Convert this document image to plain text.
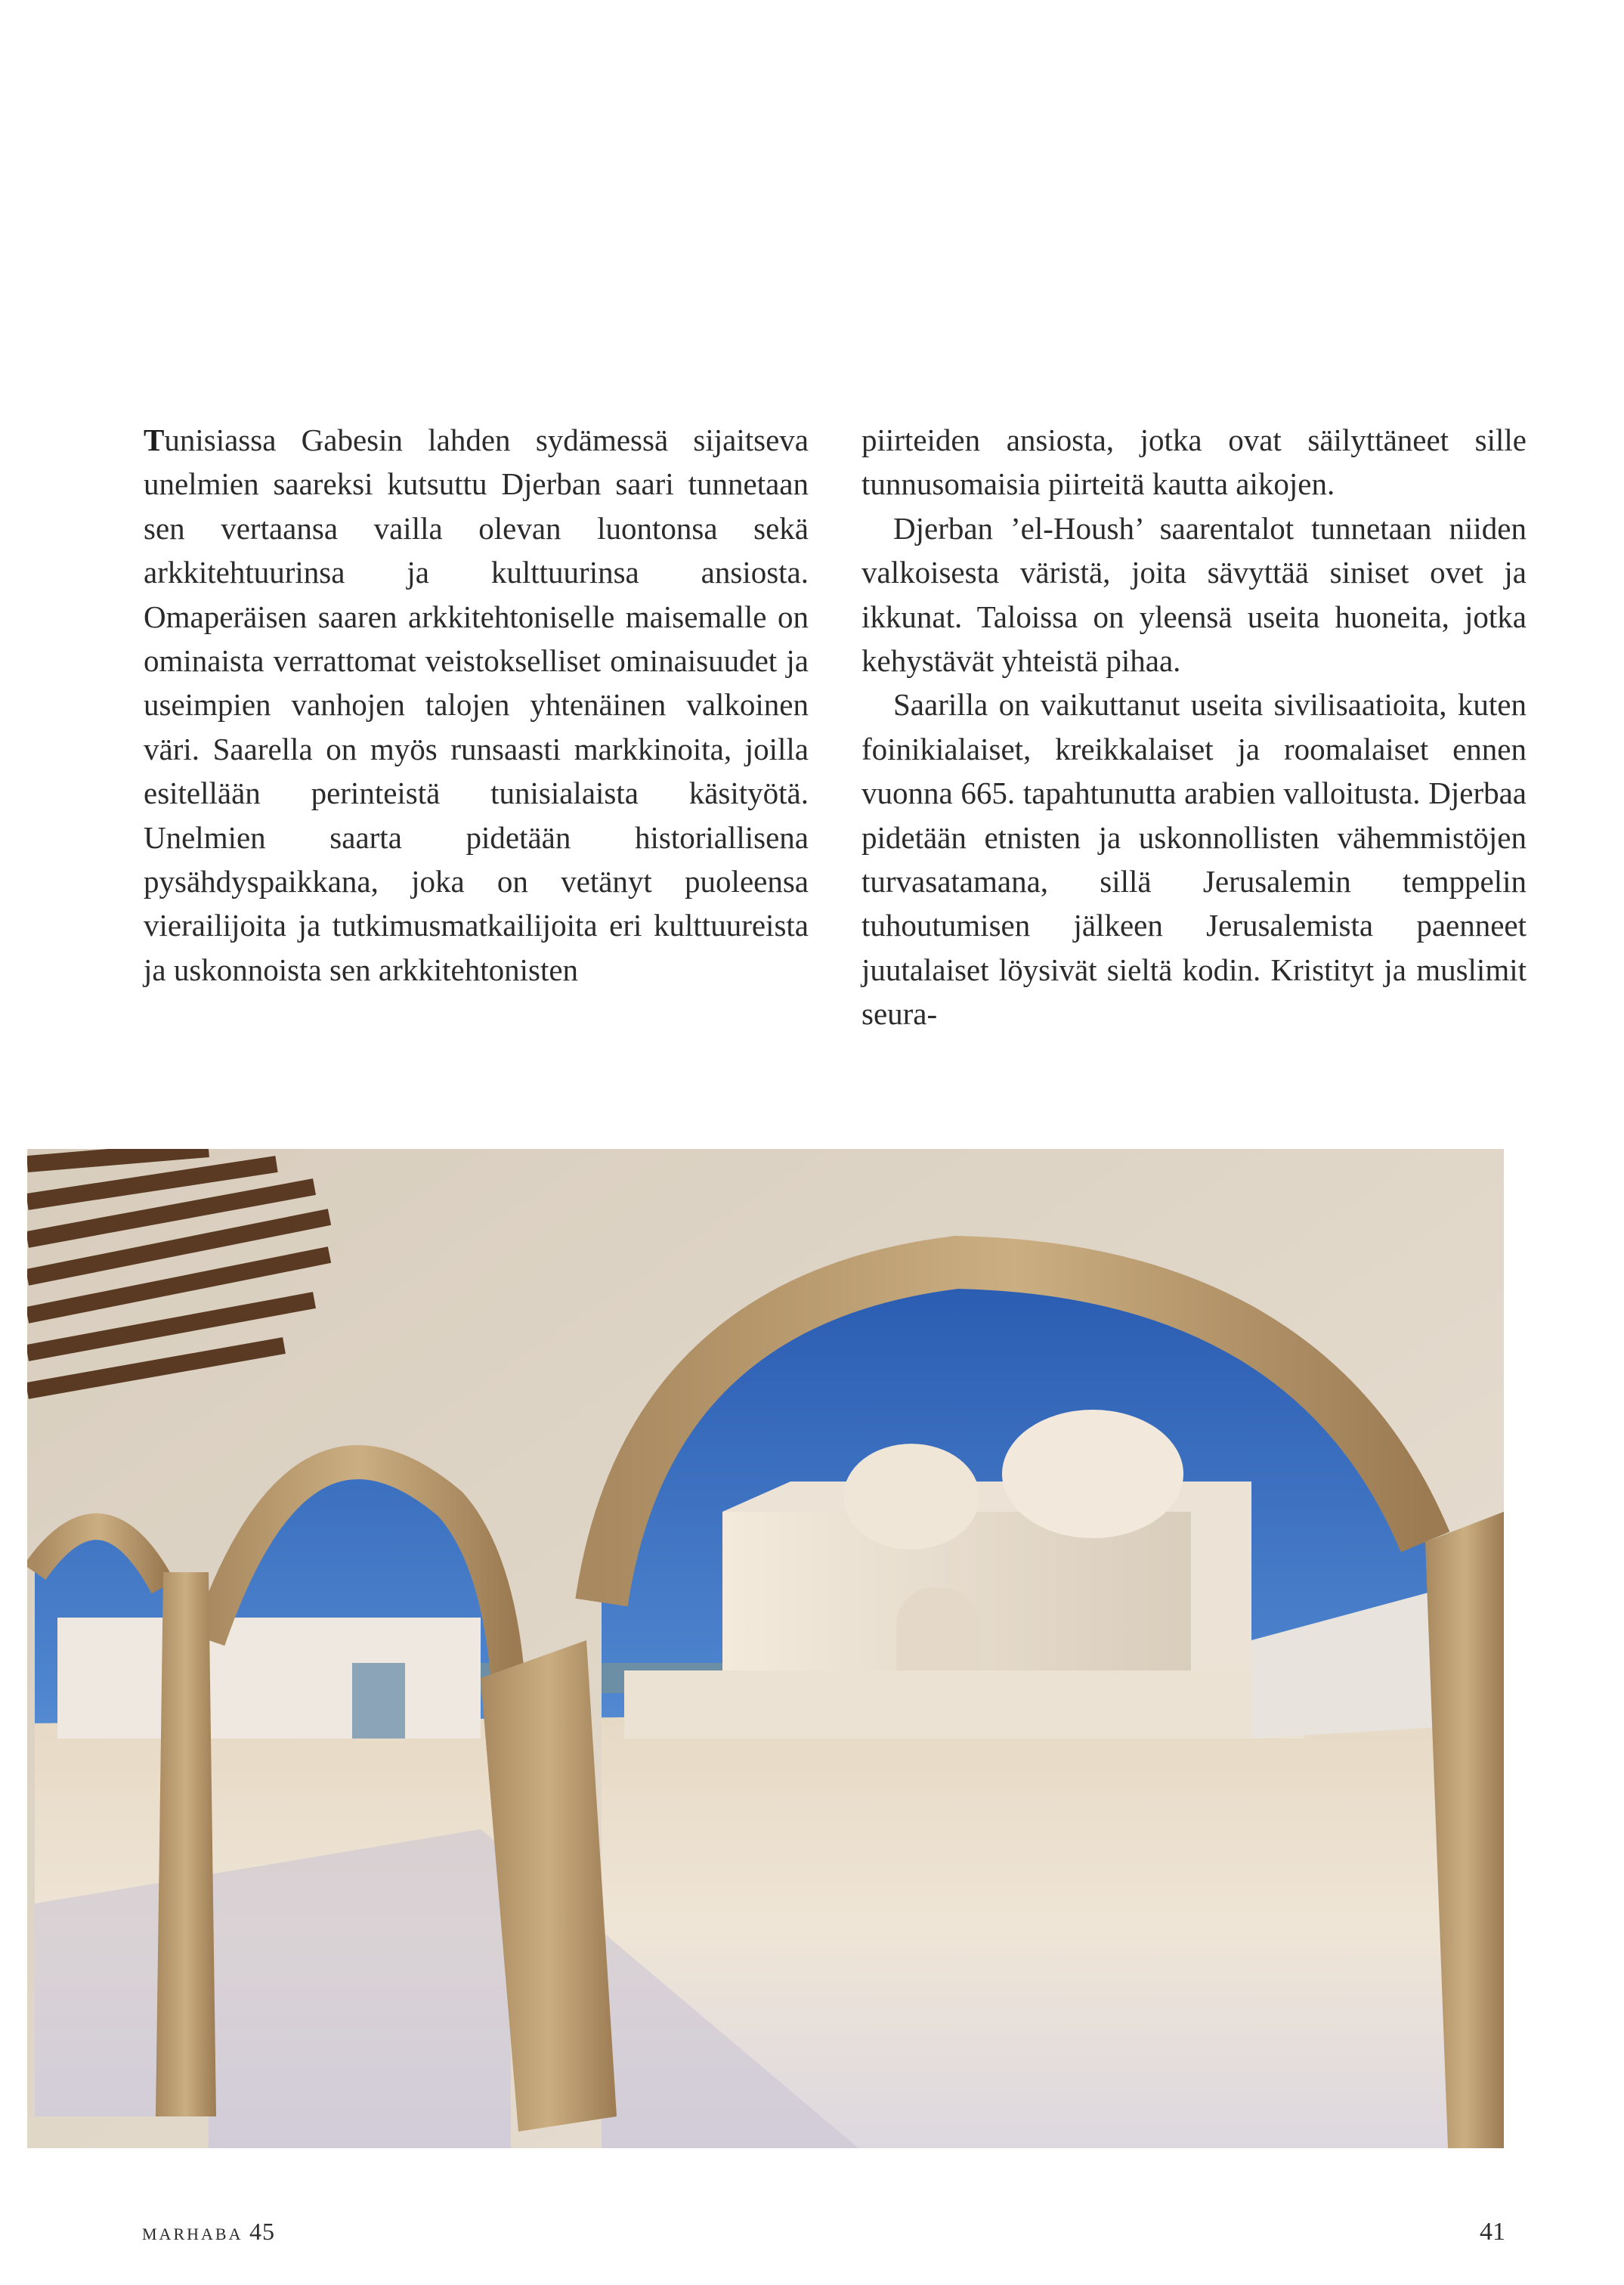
Tunisiassa Gabesin lahden sydämessä sijaitseva unelmien saareksi kutsuttu Djerban saari tunnetaan sen vertaansa vailla olevan luontonsa sekä arkkitehtuurinsa ja kulttuurinsa ansiosta. Omaperäisen saaren arkkitehtoniselle maisemalle on ominaista verrattomat veistokselliset ominaisuudet ja useimpien vanhojen talojen yhtenäinen valkoinen väri. Saarella on myös runsaasti markkinoita, joilla esitellään perinteistä tunisialaista käsityötä. Unelmien saarta pidetään historiallisena pysähdyspaikkana, joka on vetänyt puoleensa vierailijoita ja tutkimusmatkailijoita eri kulttuureista ja uskonnoista sen arkkitehtonisten

piirteiden ansiosta, jotka ovat säilyttäneet sille tunnusomaisia piirteitä kautta aikojen.

Djerban ’el-Housh’ saarentalot tunnetaan niiden valkoisesta väristä, joita sävyttää siniset ovet ja ikkunat. Taloissa on yleensä useita huoneita, jotka kehystävät yhteistä pihaa.

Saarilla on vaikuttanut useita sivilisaatioita, kuten foinikialaiset, kreikkalaiset ja roomalaiset ennen vuonna 665. tapahtunutta arabien valloitusta. Djerbaa pidetään etnisten ja uskonnollisten vähemmistöjen turvasatamana, sillä Jerusalemin temppelin tuhoutumisen jälkeen Jerusalemista paenneet juutalaiset löysivät sieltä kodin. Kristityt ja muslimit seura-

MARHABA 45	41
